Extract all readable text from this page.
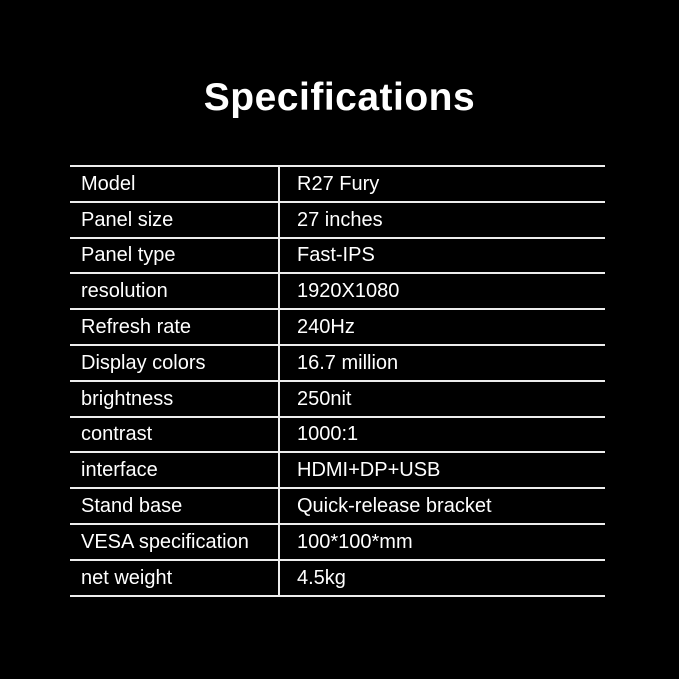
Specifications
Model	R27 Fury
Panel size	27 inches
Panel type	Fast-IPS
resolution	1920X1080
Refresh rate	240Hz
Display colors	16.7 million
brightness	250nit
contrast	1000:1
interface	HDMI+DP+USB
Stand base	Quick-release bracket
VESA specification	100*100*mm
net weight	4.5kg
